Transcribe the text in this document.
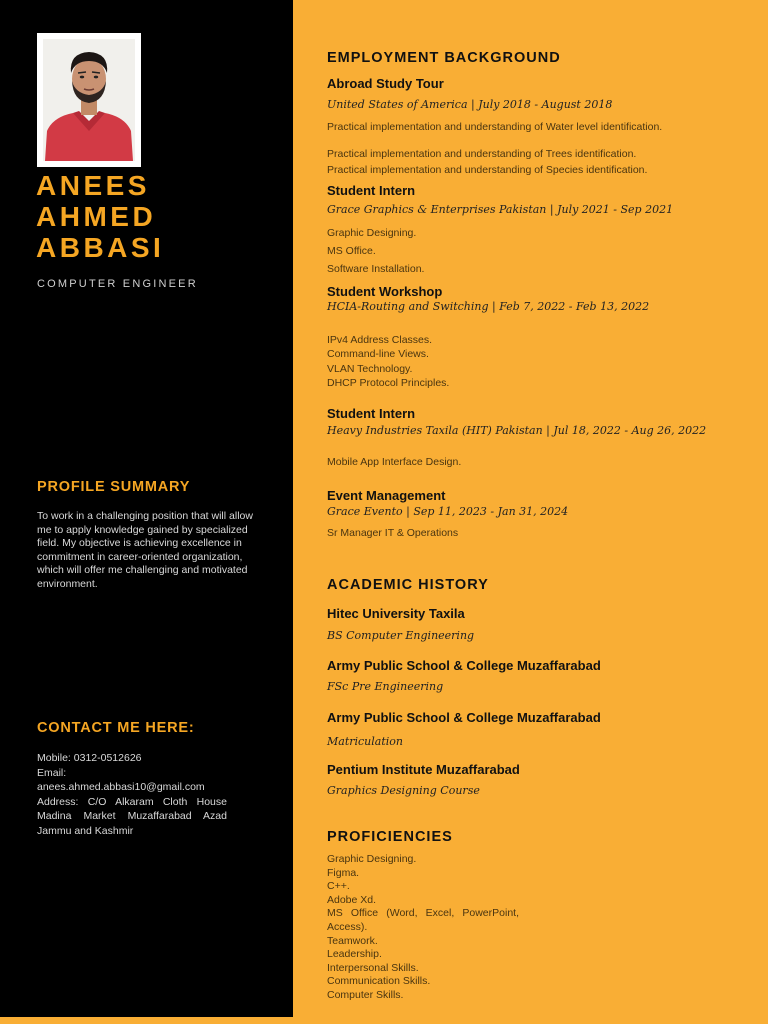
ANEES
AHMED
ABBASI
COMPUTER ENGINEER
PROFILE SUMMARY
To work in a challenging position that will allow me to apply knowledge gained by specialized field. My objective is achieving excellence in commitment in career-oriented organization, which will offer me challenging and motivated environment.
CONTACT ME HERE:
Mobile: 0312-0512626
Email:
anees.ahmed.abbasi10@gmail.com
Address: C/O Alkaram Cloth House Madina Market Muzaffarabad Azad Jammu and Kashmir
EMPLOYMENT BACKGROUND
Abroad Study Tour
United States of America | July 2018 - August 2018
Practical implementation and understanding of Water level identification.
Practical implementation and understanding of Trees identification.
Practical implementation and understanding of Species identification.
Student Intern
Grace Graphics & Enterprises Pakistan | July 2021 - Sep 2021
Graphic Designing.
MS Office.
Software Installation.
Student Workshop
HCIA-Routing and Switching | Feb 7, 2022 - Feb 13, 2022
IPv4 Address Classes.
Command-line Views.
VLAN Technology.
DHCP Protocol Principles.
Student Intern
Heavy Industries Taxila (HIT) Pakistan | Jul 18, 2022 - Aug 26, 2022
Mobile App Interface Design.
Event Management
Grace Evento | Sep 11, 2023 - Jan 31, 2024
Sr Manager IT & Operations
ACADEMIC HISTORY
Hitec University Taxila
BS Computer Engineering
Army Public School & College Muzaffarabad
FSc Pre Engineering
Army Public School & College Muzaffarabad
Matriculation
Pentium Institute Muzaffarabad
Graphics Designing Course
PROFICIENCIES
Graphic Designing.
Figma.
C++.
Adobe Xd.
MS Office (Word, Excel, PowerPoint, Access).
Teamwork.
Leadership.
Interpersonal Skills.
Communication Skills.
Computer Skills.
